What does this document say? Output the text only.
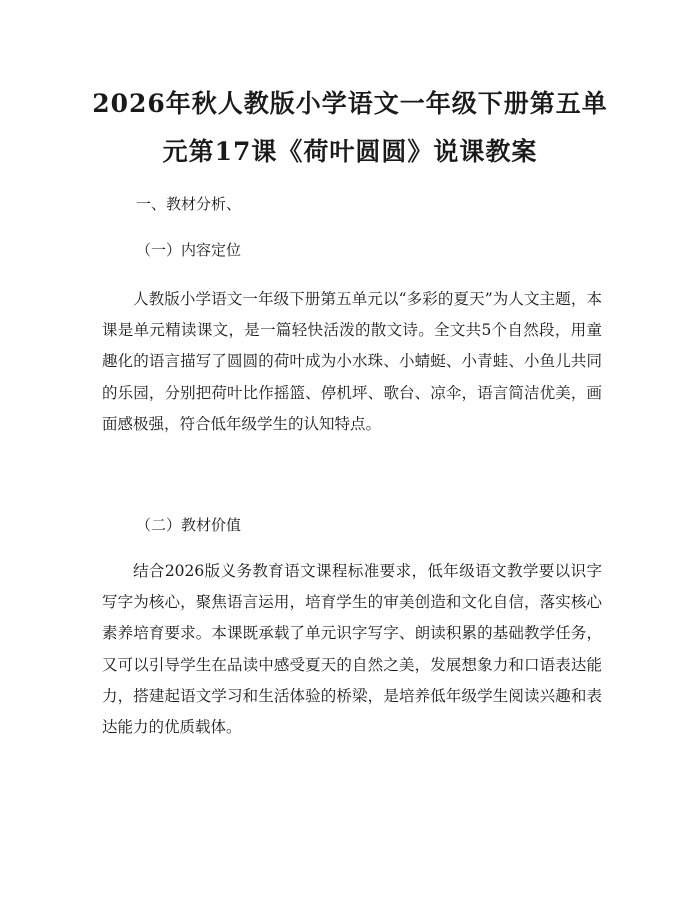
2026年秋人教版小学语文一年级下册第五单
元第17课《荷叶圆圆》说课教案
一、教材分析、
（一）内容定位
人教版小学语文一年级下册第五单元以“多彩的夏天”为人文主题，本课是单元精读课文，是一篇轻快活泼的散文诗。全文共5个自然段，用童趣化的语言描写了圆圆的荷叶成为小水珠、小蜻蜓、小青蛙、小鱼儿共同的乐园，分别把荷叶比作摇篮、停机坪、歌台、凉伞，语言简洁优美，画面感极强，符合低年级学生的认知特点。
（二）教材价值
结合2026版义务教育语文课程标准要求，低年级语文教学要以识字写字为核心，聚焦语言运用，培育学生的审美创造和文化自信，落实核心素养培育要求。本课既承载了单元识字写字、朗读积累的基础教学任务，又可以引导学生在品读中感受夏天的自然之美，发展想象力和口语表达能力，搭建起语文学习和生活体验的桥梁，是培养低年级学生阅读兴趣和表达能力的优质载体。
